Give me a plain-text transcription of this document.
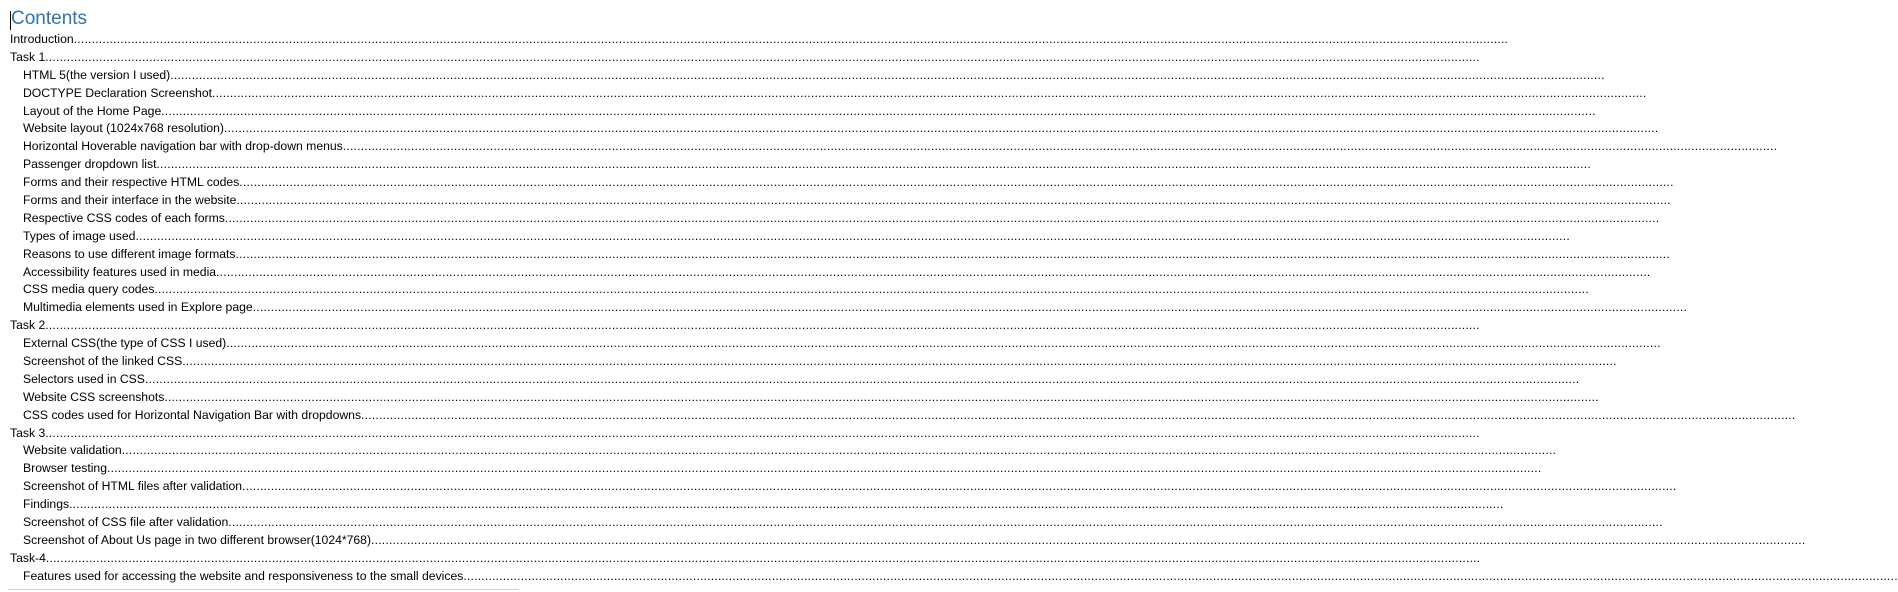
Contents
Introduction ................................................................................................................................................................................................................................................................................................................................................................................................................
Task 1 ................................................................................................................................................................................................................................................................................................................................................................................................................
HTML 5(the version I used) ................................................................................................................................................................................................................................................................................................................................................................................................................
DOCTYPE Declaration Screenshot ................................................................................................................................................................................................................................................................................................................................................................................................................
Layout of the Home Page ................................................................................................................................................................................................................................................................................................................................................................................................................
Website layout (1024x768 resolution) ................................................................................................................................................................................................................................................................................................................................................................................................................
Horizontal Hoverable navigation bar with drop-down menus ................................................................................................................................................................................................................................................................................................................................................................................................................
Passenger dropdown list ................................................................................................................................................................................................................................................................................................................................................................................................................
Forms and their respective HTML codes ................................................................................................................................................................................................................................................................................................................................................................................................................
Forms and their interface in the website ................................................................................................................................................................................................................................................................................................................................................................................................................
Respective CSS codes of each forms ................................................................................................................................................................................................................................................................................................................................................................................................................
Types of image used ................................................................................................................................................................................................................................................................................................................................................................................................................
Reasons to use different image formats ................................................................................................................................................................................................................................................................................................................................................................................................................
Accessibility features used in media ................................................................................................................................................................................................................................................................................................................................................................................................................
CSS media query codes ................................................................................................................................................................................................................................................................................................................................................................................................................
Multimedia elements used in Explore page ................................................................................................................................................................................................................................................................................................................................................................................................................
Task 2 ................................................................................................................................................................................................................................................................................................................................................................................................................
External CSS(the type of CSS I used) ................................................................................................................................................................................................................................................................................................................................................................................................................
Screenshot of the linked CSS ................................................................................................................................................................................................................................................................................................................................................................................................................
Selectors used in CSS ................................................................................................................................................................................................................................................................................................................................................................................................................
Website CSS screenshots ................................................................................................................................................................................................................................................................................................................................................................................................................
CSS codes used for Horizontal Navigation Bar with dropdowns ................................................................................................................................................................................................................................................................................................................................................................................................................
Task 3 ................................................................................................................................................................................................................................................................................................................................................................................................................
Website validation ................................................................................................................................................................................................................................................................................................................................................................................................................
Browser testing ................................................................................................................................................................................................................................................................................................................................................................................................................
Screenshot of HTML files after validation ................................................................................................................................................................................................................................................................................................................................................................................................................
Findings ................................................................................................................................................................................................................................................................................................................................................................................................................
Screenshot of CSS file after validation ................................................................................................................................................................................................................................................................................................................................................................................................................
Screenshot of About Us page in two different browser(1024*768) ................................................................................................................................................................................................................................................................................................................................................................................................................
Task-4 ................................................................................................................................................................................................................................................................................................................................................................................................................
Features used for accessing the website and responsiveness to the small devices ................................................................................................................................................................................................................................................................................................................................................................................................................
